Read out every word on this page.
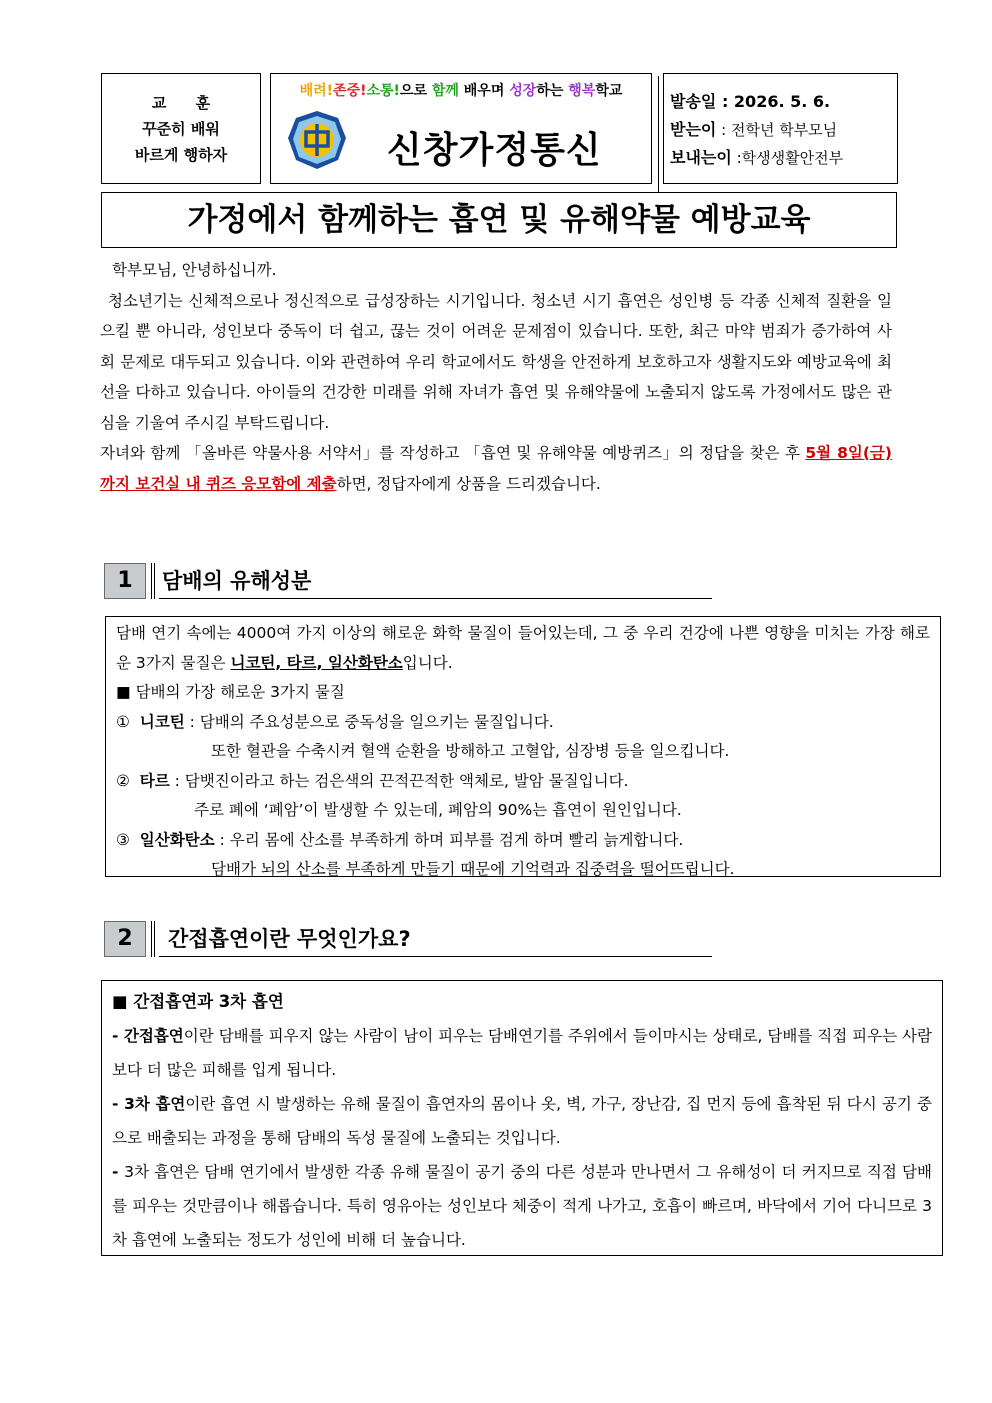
교 훈
꾸준히 배워
바르게 행하자
배려!존중!소통!으로 함께 배우며 성장하는 행복학교
신창가정통신
발송일 : 2026. 5. 6.
받는이 : 전학년 학부모님
보내는이 :학생생활안전부
가정에서 함께하는 흡연 및 유해약물 예방교육
학부모님, 안녕하십니까.
청소년기는 신체적으로나 정신적으로 급성장하는 시기입니다. 청소년 시기 흡연은 성인병 등 각종 신체적 질환을 일으킬 뿐 아니라, 성인보다 중독이 더 쉽고, 끊는 것이 어려운 문제점이 있습니다. 또한, 최근 마약 범죄가 증가하여 사회 문제로 대두되고 있습니다. 이와 관련하여 우리 학교에서도 학생을 안전하게 보호하고자 생활지도와 예방교육에 최선을 다하고 있습니다. 아이들의 건강한 미래를 위해 자녀가 흡연 및 유해약물에 노출되지 않도록 가정에서도 많은 관심을 기울여 주시길 부탁드립니다.
자녀와 함께 「올바른 약물사용 서약서」를 작성하고 「흡연 및 유해약물 예방퀴즈」의 정답을 찾은 후 5월 8일(금)까지 보건실 내 퀴즈 응모함에 제출하면, 정답자에게 상품을 드리겠습니다.
1	담배의 유해성분
담배 연기 속에는 4000여 가지 이상의 해로운 화학 물질이 들어있는데, 그 중 우리 건강에 나쁜 영향을 미치는 가장 해로운 3가지 물질은 니코틴, 타르, 일산화탄소입니다.
■ 담배의 가장 해로운 3가지 물질
① 니코틴 : 담배의 주요성분으로 중독성을 일으키는 물질입니다.
또한 혈관을 수축시켜 혈액 순환을 방해하고 고혈압, 심장병 등을 일으킵니다.
② 타르 : 담뱃진이라고 하는 검은색의 끈적끈적한 액체로, 발암 물질입니다.
주로 폐에 ‘폐암’이 발생할 수 있는데, 폐암의 90%는 흡연이 원인입니다.
③ 일산화탄소 : 우리 몸에 산소를 부족하게 하며 피부를 검게 하며 빨리 늙게합니다.
담배가 뇌의 산소를 부족하게 만들기 때문에 기억력과 집중력을 떨어뜨립니다.
2	간접흡연이란 무엇인가요?
■ 간접흡연과 3차 흡연
- 간접흡연이란 담배를 피우지 않는 사람이 남이 피우는 담배연기를 주위에서 들이마시는 상태로, 담배를 직접 피우는 사람보다 더 많은 피해를 입게 됩니다.
- 3차 흡연이란 흡연 시 발생하는 유해 물질이 흡연자의 몸이나 옷, 벽, 가구, 장난감, 집 먼지 등에 흡착된 뒤 다시 공기 중으로 배출되는 과정을 통해 담배의 독성 물질에 노출되는 것입니다.
- 3차 흡연은 담배 연기에서 발생한 각종 유해 물질이 공기 중의 다른 성분과 만나면서 그 유해성이 더 커지므로 직접 담배를 피우는 것만큼이나 해롭습니다. 특히 영유아는 성인보다 체중이 적게 나가고, 호흡이 빠르며, 바닥에서 기어 다니므로 3차 흡연에 노출되는 정도가 성인에 비해 더 높습니다.
